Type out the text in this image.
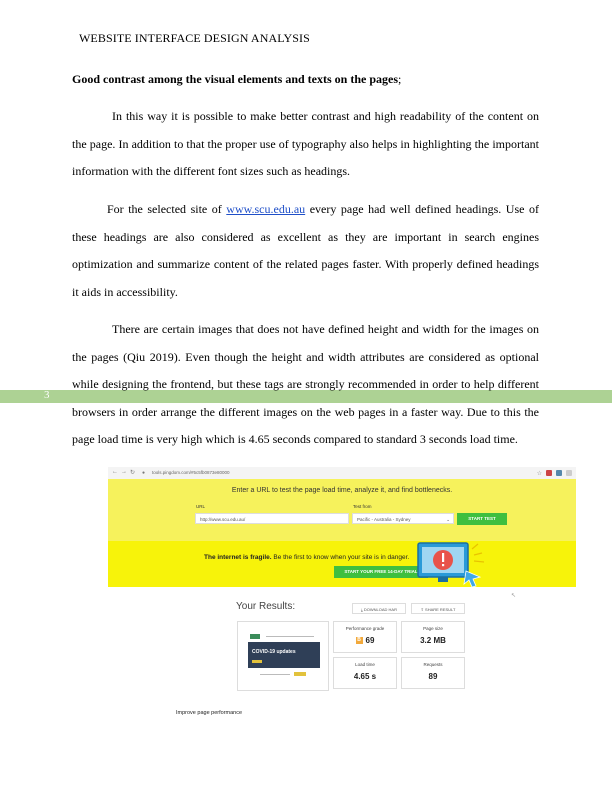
WEBSITE INTERFACE DESIGN ANALYSIS
Good contrast among the visual elements and texts on the pages;

In this way it is possible to make better contrast and high readability of the content on the page. In addition to that the proper use of typography also helps in highlighting the important information with the different font sizes such as headings.

For the selected site of www.scu.edu.au every page had well defined headings. Use of these headings are also considered as excellent as they are important in search engines optimization and summarize content of the related pages faster. With properly defined headings it aids in accessibility.

3

There are certain images that does not have defined height and width for the images on the pages (Qiu 2019). Even though the height and width attributes are considered as optional while designing the frontend, but these tags are strongly recommended in order to help different browsers in order arrange the different images on the web pages in a faster way. Due to this the page load time is very high which is 4.65 seconds compared to standard 3 seconds load time.

← → ↻ ● tools.pingdom.com/#5c5fb0873e80000	☆
Enter a URL to test the page load time, analyze it, and find bottlenecks.
URL
http://www.scu.edu.au/
Test from
Pacific - Australia - Sydney	⌄	START TEST
The internet is fragile. Be the first to know when your site is in danger.
START YOUR FREE 14-DAY TRIAL
↖
Your Results:	⤓ DOWNLOAD HAR	⇪ SHARE RESULT
COVID-19 updates
Performance grade
B 69
Page size
3.2 MB
Load time
4.65 s
Requests
89
Improve page performance
